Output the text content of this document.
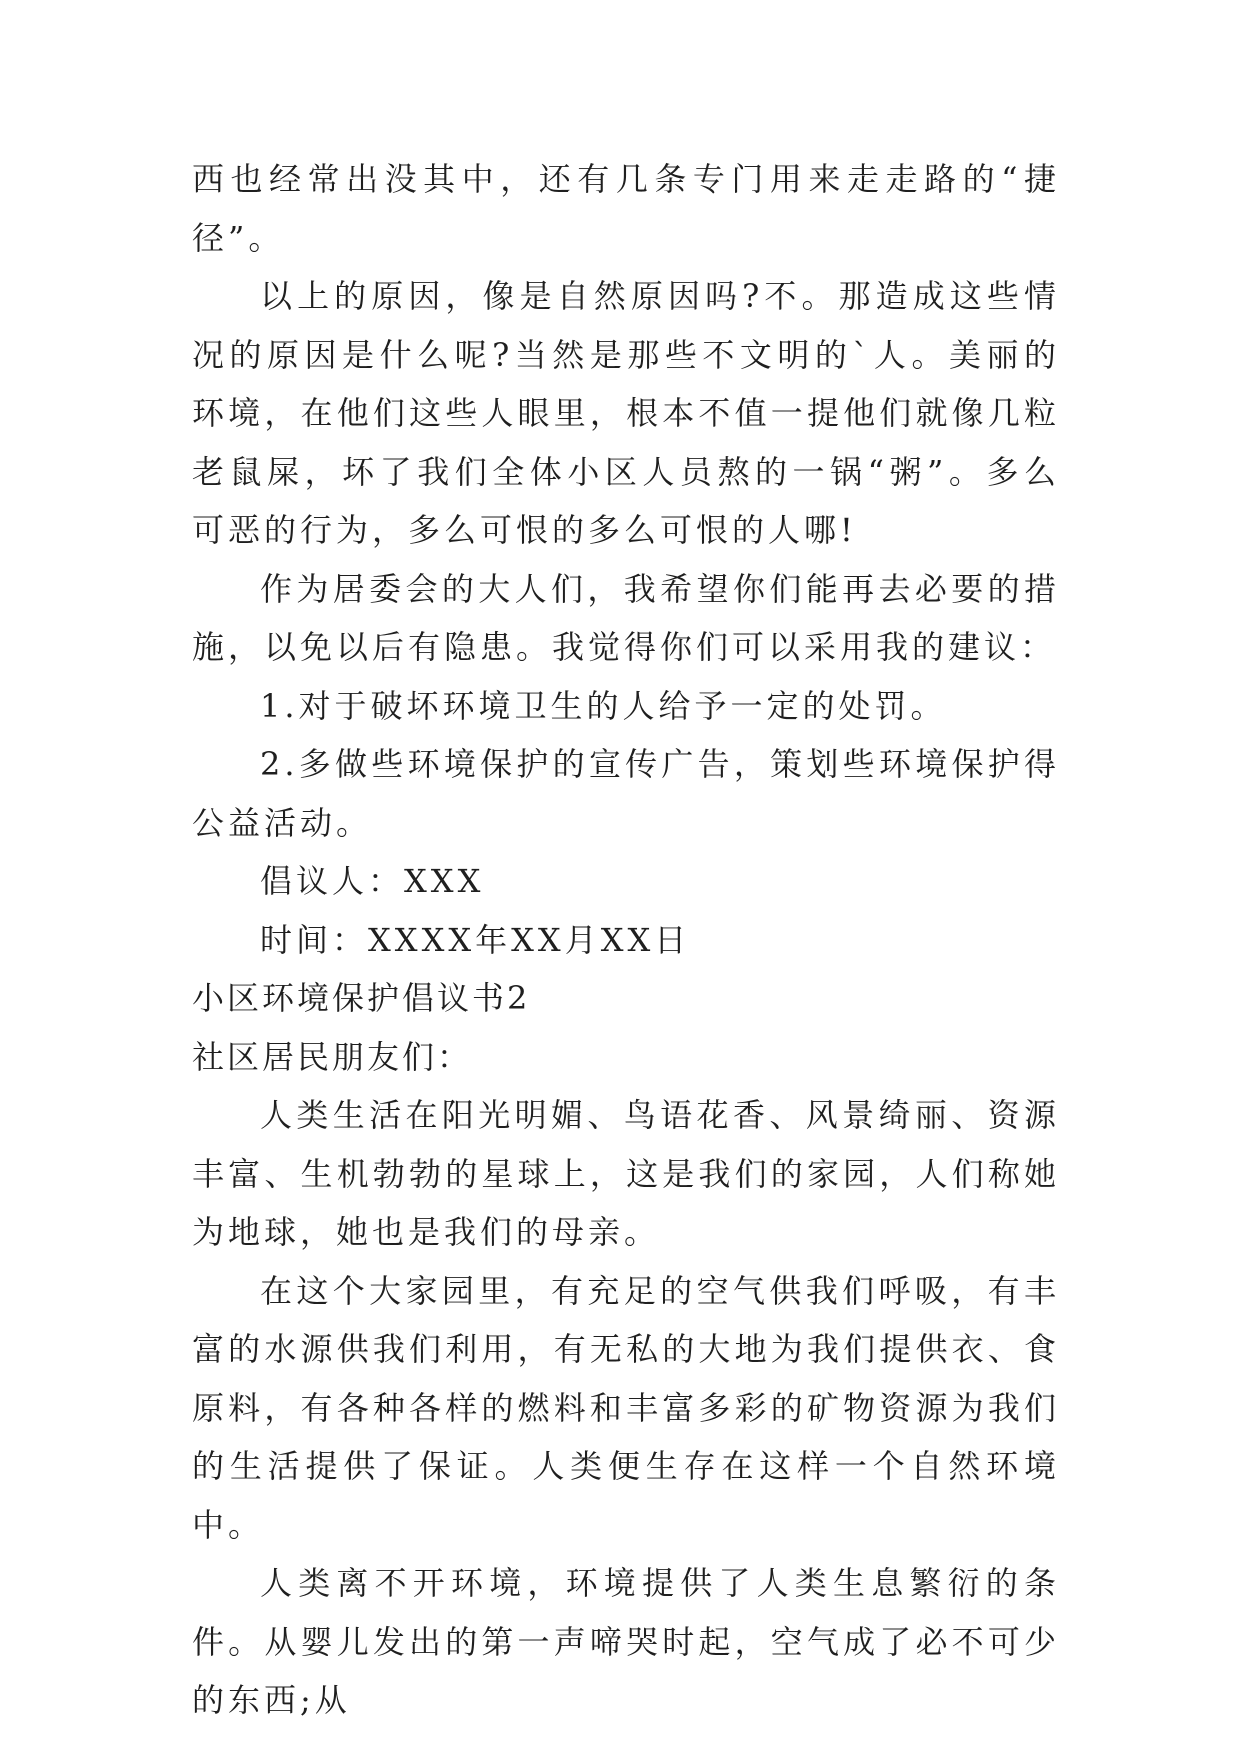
西也经常出没其中，还有几条专门用来走走路的“捷径”。

以上的原因，像是自然原因吗?不。那造成这些情况的原因是什么呢?当然是那些不文明的`人。美丽的环境，在他们这些人眼里，根本不值一提他们就像几粒老鼠屎，坏了我们全体小区人员熬的一锅“粥”。多么可恶的行为，多么可恨的多么可恨的人哪!

作为居委会的大人们，我希望你们能再去必要的措施，以免以后有隐患。我觉得你们可以采用我的建议：

1.对于破坏环境卫生的人给予一定的处罚。

2.多做些环境保护的宣传广告，策划些环境保护得公益活动。

倡议人：XXX

时间：XXXX年XX月XX日

小区环境保护倡议书2

社区居民朋友们：

人类生活在阳光明媚、鸟语花香、风景绮丽、资源丰富、生机勃勃的星球上，这是我们的家园，人们称她为地球，她也是我们的母亲。

在这个大家园里，有充足的空气供我们呼吸，有丰富的水源供我们利用，有无私的大地为我们提供衣、食原料，有各种各样的燃料和丰富多彩的矿物资源为我们的生活提供了保证。人类便生存在这样一个自然环境中。

人类离不开环境，环境提供了人类生息繁衍的条件。从婴儿发出的第一声啼哭时起，空气成了必不可少的东西;从
